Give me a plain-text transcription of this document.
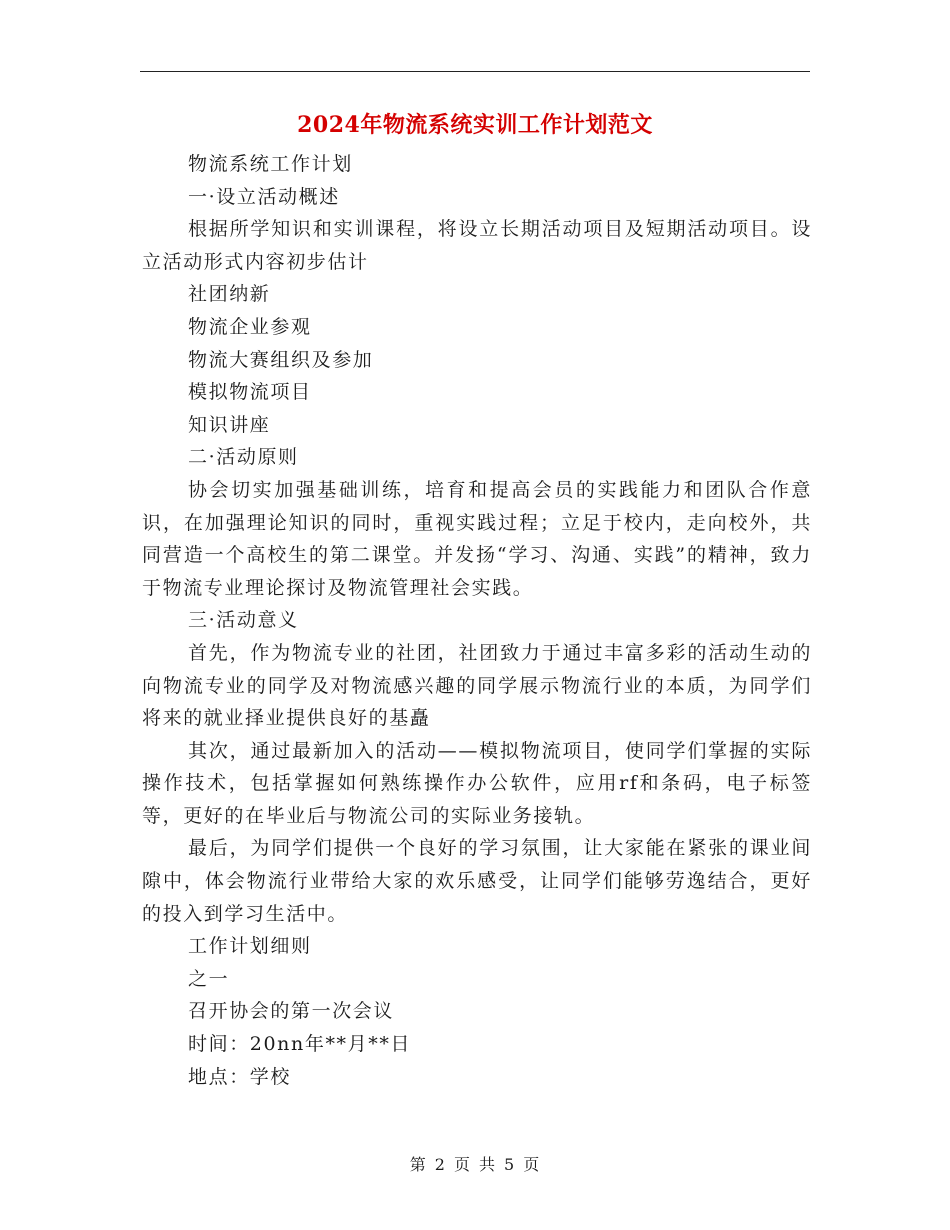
2024年物流系统实训工作计划范文

物流系统工作计划

一·设立活动概述

根据所学知识和实训课程，将设立长期活动项目及短期活动项目。设立活动形式内容初步估计

社团纳新

物流企业参观

物流大赛组织及参加

模拟物流项目

知识讲座

二·活动原则

协会切实加强基础训练，培育和提高会员的实践能力和团队合作意识，在加强理论知识的同时，重视实践过程；立足于校内，走向校外，共同营造一个高校生的第二课堂。并发扬“学习、沟通、实践”的精神，致力于物流专业理论探讨及物流管理社会实践。

三·活动意义

首先，作为物流专业的社团，社团致力于通过丰富多彩的活动生动的向物流专业的同学及对物流感兴趣的同学展示物流行业的本质，为同学们将来的就业择业提供良好的基矗

其次，通过最新加入的活动——模拟物流项目，使同学们掌握的实际操作技术，包括掌握如何熟练操作办公软件，应用rf和条码，电子标签等，更好的在毕业后与物流公司的实际业务接轨。

最后，为同学们提供一个良好的学习氛围，让大家能在紧张的课业间隙中，体会物流行业带给大家的欢乐感受，让同学们能够劳逸结合，更好的投入到学习生活中。

工作计划细则

之一

召开协会的第一次会议

时间：20nn年**月**日

地点：学校

第 2 页 共 5 页
